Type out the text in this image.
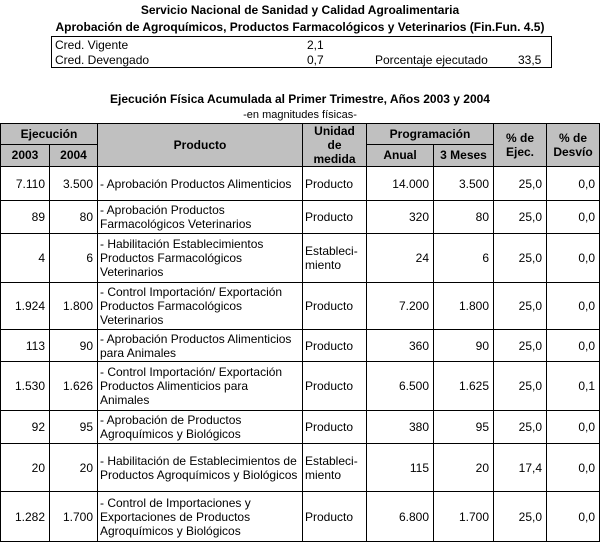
Servicio Nacional de Sanidad y Calidad Agroalimentaria
Aprobación de Agroquímicos, Productos Farmacológicos y Veterinarios (Fin.Fun. 4.5)
Cred. Vigente	2,1
Cred. Devengado	0,7	Porcentaje ejecutado	33,5
Ejecución Física Acumulada al Primer Trimestre, Años 2003 y 2004
-en magnitudes físicas-
Ejecución		Producto	Unidad de medida	Programación		% de Ejec.	% de Desvío
2003	2004			Anual	3 Meses		
7.110	3.500	- Aprobación Productos Alimenticios	Producto	14.000	3.500	25,0	0,0
89	80	- Aprobación Productos Farmacológicos Veterinarios	Producto	320	80	25,0	0,0
4	6	- Habilitación Establecimientos Productos Farmacológicos Veterinarios	Estableci-miento	24	6	25,0	0,0
1.924	1.800	- Control Importación/ Exportación Productos Farmacológicos Veterinarios	Producto	7.200	1.800	25,0	0,0
113	90	- Aprobación Productos Alimenticios para Animales	Producto	360	90	25,0	0,0
1.530	1.626	- Control Importación/ Exportación Productos Alimenticios para Animales	Producto	6.500	1.625	25,0	0,1
92	95	- Aprobación de Productos Agroquímicos y Biológicos	Producto	380	95	25,0	0,0
20	20	- Habilitación de Establecimientos de Productos Agroquímicos y Biológicos	Estableci-miento	115	20	17,4	0,0
1.282	1.700	- Control de Importaciones y Exportaciones de Productos Agroquímicos y Biológicos	Producto	6.800	1.700	25,0	0,0
